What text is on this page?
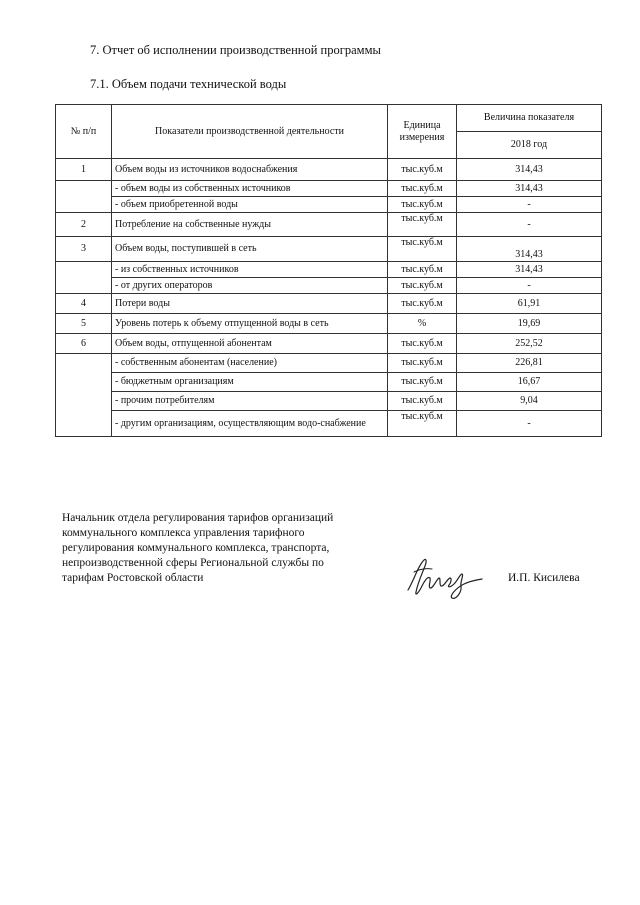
7. Отчет об исполнении производственной программы
7.1. Объем подачи технической воды
№ п/п	Показатели производственной деятельности	Единица измерения	Величина показателя
			2018 год
1	Объем воды из источников водоснабжения	тыс.куб.м	314,43
	- объем воды из собственных источников	тыс.куб.м	314,43
	- объем приобретенной воды	тыс.куб.м	-
2	Потребление на собственные нужды	тыс.куб.м	-
3	Объем воды, поступившей в сеть	тыс.куб.м	314,43
	- из собственных источников	тыс.куб.м	314,43
	- от других операторов	тыс.куб.м	-
4	Потери воды	тыс.куб.м	61,91
5	Уровень потерь к объему отпущенной воды в сеть	%	19,69
6	Объем воды, отпущенной абонентам	тыс.куб.м	252,52
	- собственным абонентам (население)	тыс.куб.м	226,81
	- бюджетным организациям	тыс.куб.м	16,67
	- прочим потребителям	тыс.куб.м	9,04
	- другим организациям, осуществляющим водо-снабжение	тыс.куб.м	-
Начальник отдела регулирования тарифов организаций
коммунального комплекса управления тарифного
регулирования коммунального комплекса, транспорта,
непроизводственной сферы Региональной службы по
тарифам Ростовской области	И.П. Кисилева
